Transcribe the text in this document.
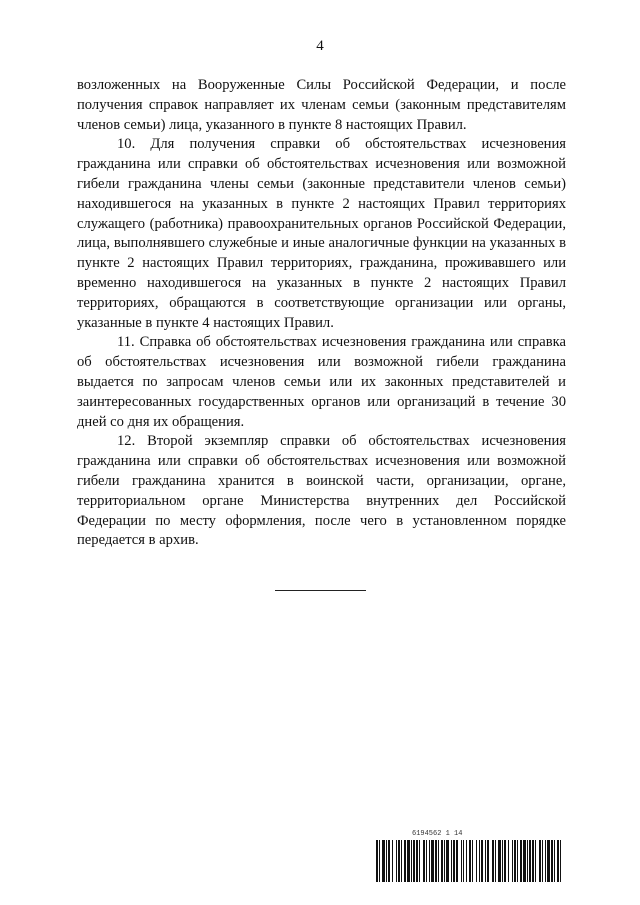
4

возложенных на Вооруженные Силы Российской Федерации, и после получения справок направляет их членам семьи (законным представителям членов семьи) лица, указанного в пункте 8 настоящих Правил.

10. Для получения справки об обстоятельствах исчезновения гражданина или справки об обстоятельствах исчезновения или возможной гибели гражданина члены семьи (законные представители членов семьи) находившегося на указанных в пункте 2 настоящих Правил территориях служащего (работника) правоохранительных органов Российской Федерации, лица, выполнявшего служебные и иные аналогичные функции на указанных в пункте 2 настоящих Правил территориях, гражданина, проживавшего или временно находившегося на указанных в пункте 2 настоящих Правил территориях, обращаются в соответствующие организации или органы, указанные в пункте 4 настоящих Правил.

11. Справка об обстоятельствах исчезновения гражданина или справка об обстоятельствах исчезновения или возможной гибели гражданина выдается по запросам членов семьи или их законных представителей и заинтересованных государственных органов или организаций в течение 30 дней со дня их обращения.

12. Второй экземпляр справки об обстоятельствах исчезновения гражданина или справки об обстоятельствах исчезновения или возможной гибели гражданина хранится в воинской части, организации, органе, территориальном органе Министерства внутренних дел Российской Федерации по месту оформления, после чего в установленном порядке передается в архив.

6194562 1 14
